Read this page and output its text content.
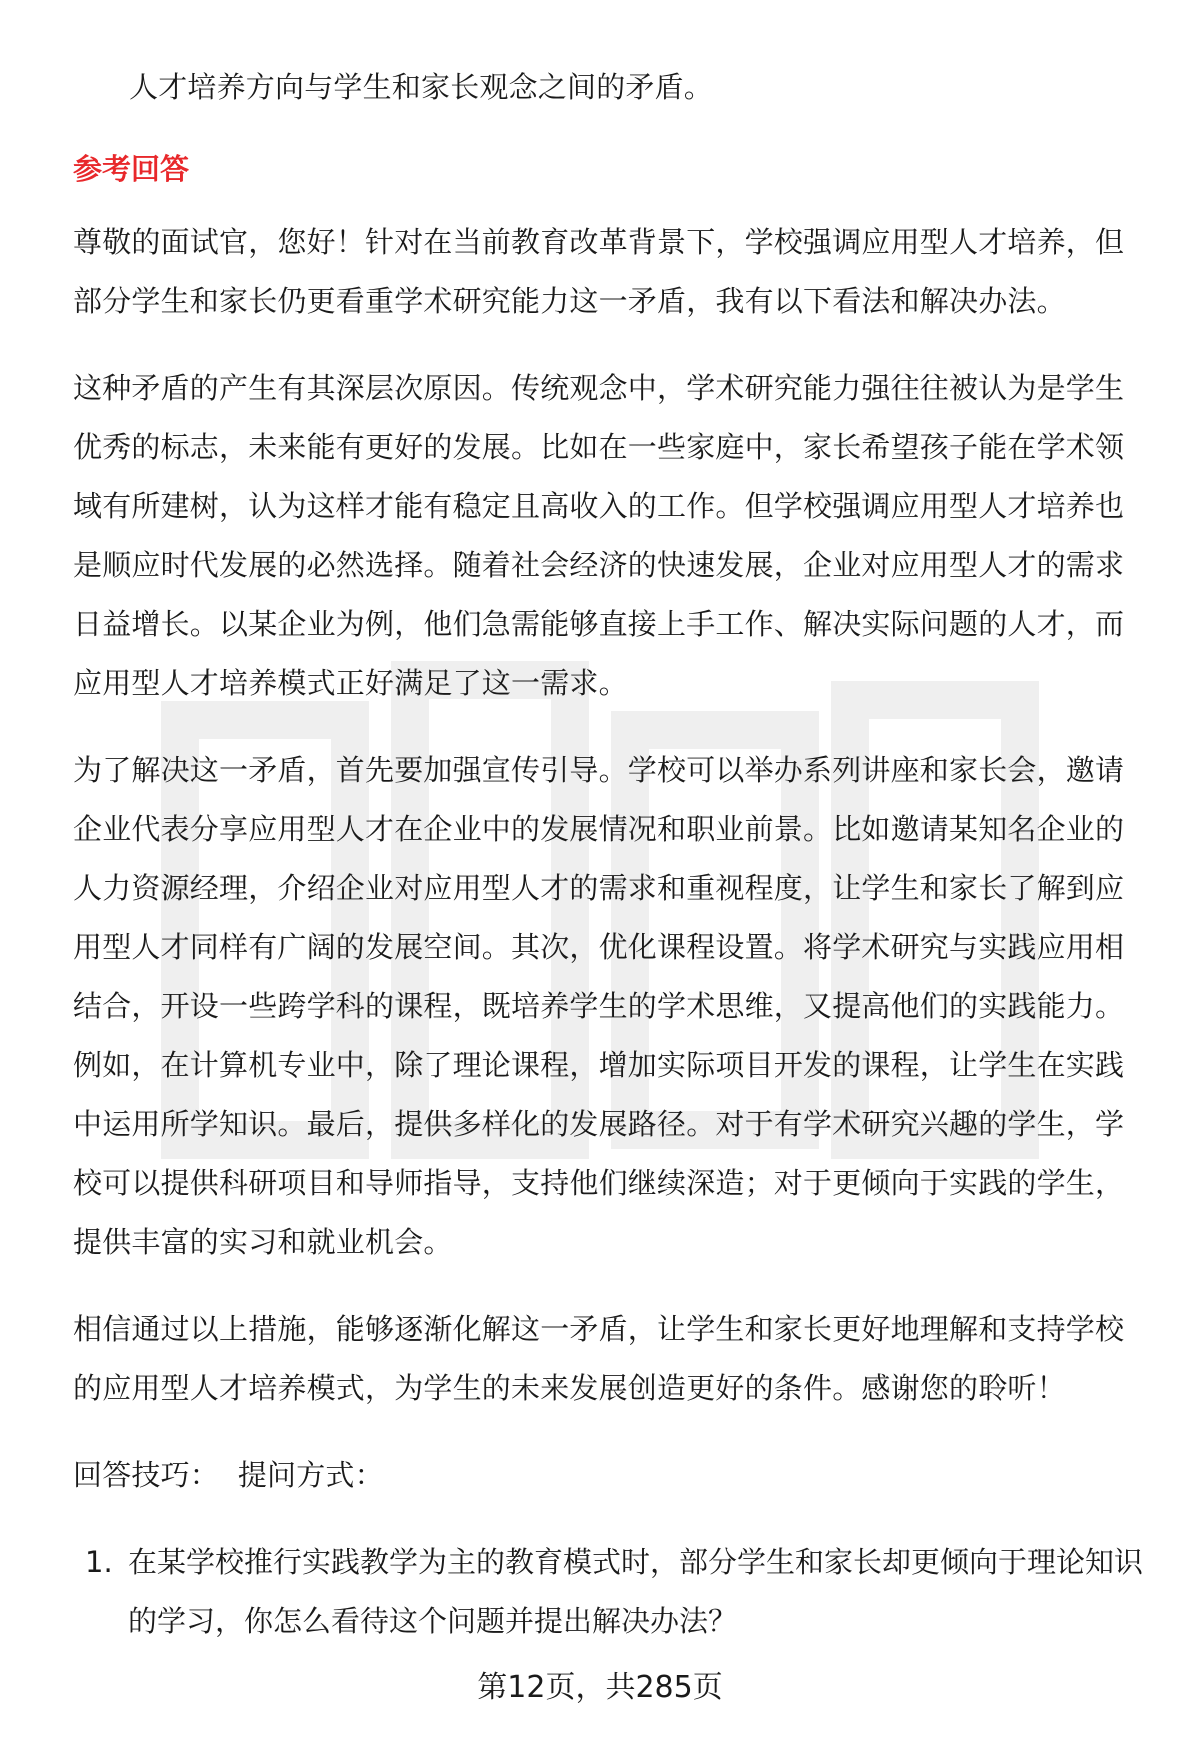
人才培养方向与学生和家长观念之间的矛盾。

参考回答

尊敬的面试官，您好！针对在当前教育改革背景下，学校强调应用型人才培养，但部分学生和家长仍更看重学术研究能力这一矛盾，我有以下看法和解决办法。

这种矛盾的产生有其深层次原因。传统观念中，学术研究能力强往往被认为是学生优秀的标志，未来能有更好的发展。比如在一些家庭中，家长希望孩子能在学术领域有所建树，认为这样才能有稳定且高收入的工作。但学校强调应用型人才培养也是顺应时代发展的必然选择。随着社会经济的快速发展，企业对应用型人才的需求日益增长。以某企业为例，他们急需能够直接上手工作、解决实际问题的人才，而应用型人才培养模式正好满足了这一需求。

为了解决这一矛盾，首先要加强宣传引导。学校可以举办系列讲座和家长会，邀请企业代表分享应用型人才在企业中的发展情况和职业前景。比如邀请某知名企业的人力资源经理，介绍企业对应用型人才的需求和重视程度，让学生和家长了解到应用型人才同样有广阔的发展空间。其次，优化课程设置。将学术研究与实践应用相结合，开设一些跨学科的课程，既培养学生的学术思维，又提高他们的实践能力。例如，在计算机专业中，除了理论课程，增加实际项目开发的课程，让学生在实践中运用所学知识。最后，提供多样化的发展路径。对于有学术研究兴趣的学生，学校可以提供科研项目和导师指导，支持他们继续深造；对于更倾向于实践的学生，提供丰富的实习和就业机会。

相信通过以上措施，能够逐渐化解这一矛盾，让学生和家长更好地理解和支持学校的应用型人才培养模式，为学生的未来发展创造更好的条件。感谢您的聆听！

回答技巧：  提问方式：

1. 在某学校推行实践教学为主的教育模式时，部分学生和家长却更倾向于理论知识的学习，你怎么看待这个问题并提出解决办法？
第12页，共285页
